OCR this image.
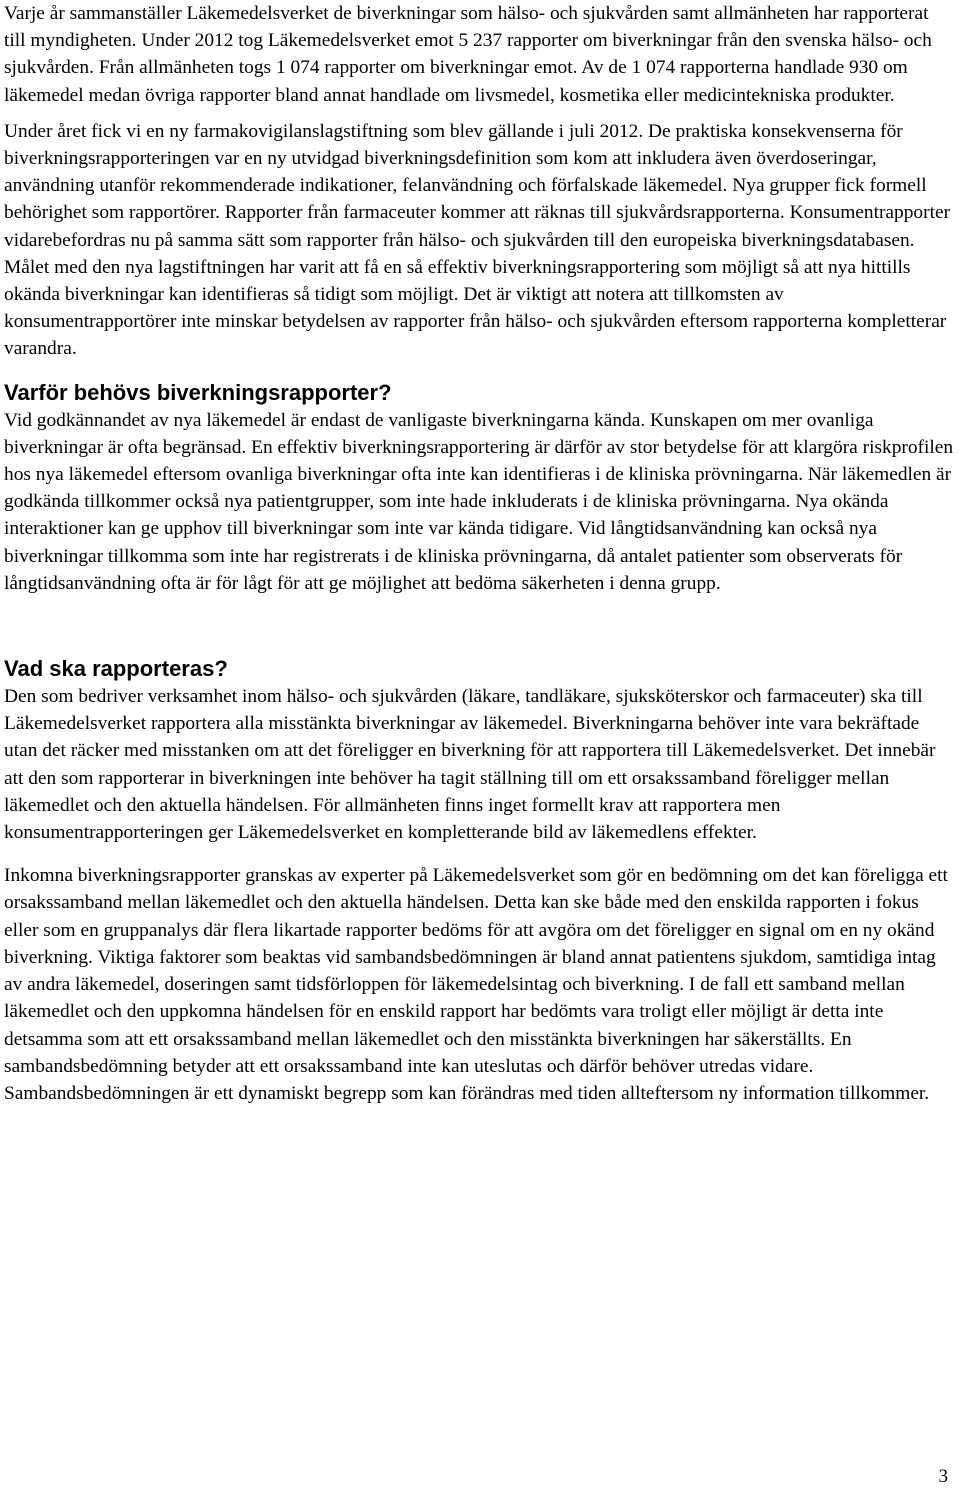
Varje år sammanställer Läkemedelsverket de biverkningar som hälso- och sjukvården samt allmänheten har rapporterat till myndigheten. Under 2012 tog Läkemedelsverket emot 5 237 rapporter om biverkningar från den svenska hälso- och sjukvården. Från allmänheten togs 1 074 rapporter om biverkningar emot. Av de 1 074 rapporterna handlade 930 om läkemedel medan övriga rapporter bland annat handlade om livsmedel, kosmetika eller medicintekniska produkter.

Under året fick vi en ny farmakovigilanslagstiftning som blev gällande i juli 2012. De praktiska konsekvenserna för biverkningsrapporteringen var en ny utvidgad biverkningsdefinition som kom att inkludera även överdoseringar, användning utanför rekommenderade indikationer, felanvändning och förfalskade läkemedel. Nya grupper fick formell behörighet som rapportörer. Rapporter från farmaceuter kommer att räknas till sjukvårdsrapporterna. Konsumentrapporter vidarebefordras nu på samma sätt som rapporter från hälso- och sjukvården till den europeiska biverkningsdatabasen. Målet med den nya lagstiftningen har varit att få en så effektiv biverkningsrapportering som möjligt så att nya hittills okända biverkningar kan identifieras så tidigt som möjligt. Det är viktigt att notera att tillkomsten av konsumentrapportörer inte minskar betydelsen av rapporter från hälso- och sjukvården eftersom rapporterna kompletterar varandra.

Varför behövs biverkningsrapporter?

Vid godkännandet av nya läkemedel är endast de vanligaste biverkningarna kända. Kunskapen om mer ovanliga biverkningar är ofta begränsad. En effektiv biverkningsrapportering är därför av stor betydelse för att klargöra riskprofilen hos nya läkemedel eftersom ovanliga biverkningar ofta inte kan identifieras i de kliniska prövningarna. När läkemedlen är godkända tillkommer också nya patientgrupper, som inte hade inkluderats i de kliniska prövningarna. Nya okända interaktioner kan ge upphov till biverkningar som inte var kända tidigare. Vid långtidsanvändning kan också nya biverkningar tillkomma som inte har registrerats i de kliniska prövningarna, då antalet patienter som observerats för långtidsanvändning ofta är för lågt för att ge möjlighet att bedöma säkerheten i denna grupp.

Vad ska rapporteras?

Den som bedriver verksamhet inom hälso- och sjukvården (läkare, tandläkare, sjuksköterskor och farmaceuter) ska till Läkemedelsverket rapportera alla misstänkta biverkningar av läkemedel. Biverkningarna behöver inte vara bekräftade utan det räcker med misstanken om att det föreligger en biverkning för att rapportera till Läkemedelsverket. Det innebär att den som rapporterar in biverkningen inte behöver ha tagit ställning till om ett orsakssamband föreligger mellan läkemedlet och den aktuella händelsen. För allmänheten finns inget formellt krav att rapportera men konsumentrapporteringen ger Läkemedelsverket en kompletterande bild av läkemedlens effekter.

Inkomna biverkningsrapporter granskas av experter på Läkemedelsverket som gör en bedömning om det kan föreligga ett orsakssamband mellan läkemedlet och den aktuella händelsen. Detta kan ske både med den enskilda rapporten i fokus eller som en gruppanalys där flera likartade rapporter bedöms för att avgöra om det föreligger en signal om en ny okänd biverkning. Viktiga faktorer som beaktas vid sambandsbedömningen är bland annat patientens sjukdom, samtidiga intag av andra läkemedel, doseringen samt tidsförloppen för läkemedelsintag och biverkning. I de fall ett samband mellan läkemedlet och den uppkomna händelsen för en enskild rapport har bedömts vara troligt eller möjligt är detta inte detsamma som att ett orsakssamband mellan läkemedlet och den misstänkta biverkningen har säkerställts. En sambandsbedömning betyder att ett orsakssamband inte kan uteslutas och därför behöver utredas vidare. Sambandsbedömningen är ett dynamiskt begrepp som kan förändras med tiden allteftersom ny information tillkommer.

3
